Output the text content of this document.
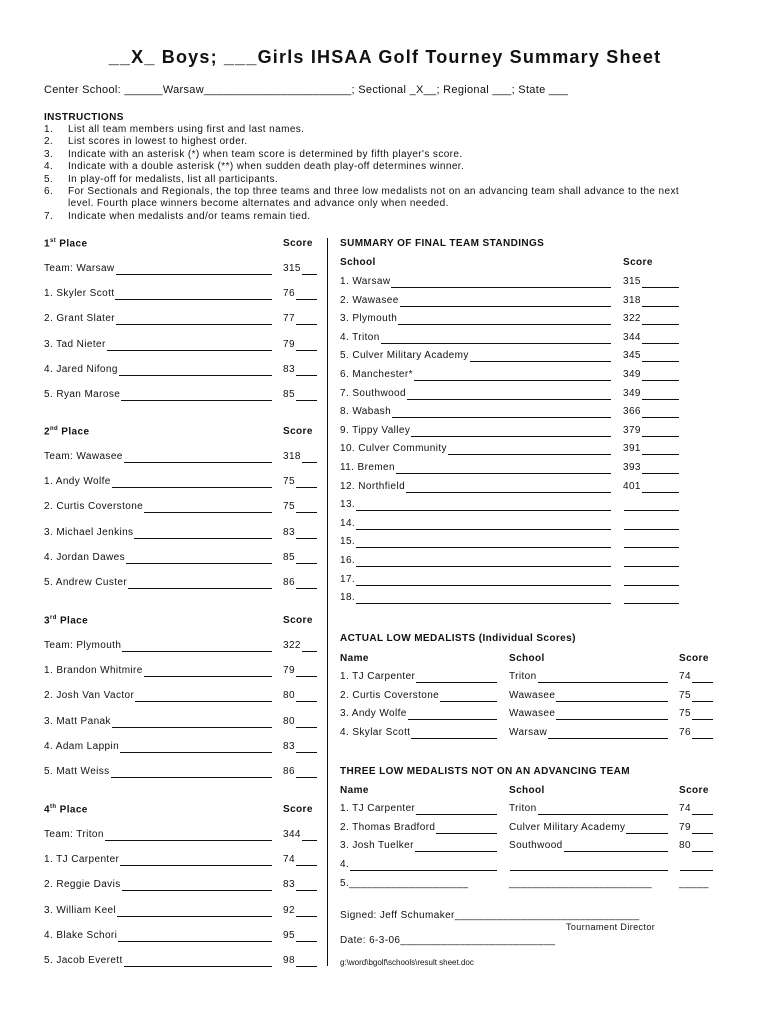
__X_ Boys; ___Girls IHSAA Golf Tourney Summary Sheet
Center School: ______Warsaw_______________________; Sectional _X__; Regional ___; State ___
INSTRUCTIONS
1. List all team members using first and last names.
2. List scores in lowest to highest order.
3. Indicate with an asterisk (*) when team score is determined by fifth player's score.
4. Indicate with a double asterisk (**) when sudden death play-off determines winner.
5. In play-off for medalists, list all participants.
6. For Sectionals and Regionals, the top three teams and three low medalists not on an advancing team shall advance to the next
level. Fourth place winners become alternates and advance only when needed.
7. Indicate when medalists and/or teams remain tied.
1st Place	Score
Team: Warsaw	315
1. Skyler Scott	76
2. Grant Slater	77
3. Tad Nieter	79
4. Jared Nifong	83
5. Ryan Marose	85
2nd Place	Score
Team: Wawasee	318
1. Andy Wolfe	75
2. Curtis Coverstone	75
3. Michael Jenkins	83
4. Jordan Dawes	85
5. Andrew Custer	86
3rd Place	Score
Team: Plymouth	322
1. Brandon Whitmire	79
2. Josh Van Vactor	80
3. Matt Panak	80
4. Adam Lappin	83
5. Matt Weiss	86
4th Place	Score
Team: Triton	344
1. TJ Carpenter	74
2. Reggie Davis	83
3. William Keel	92
4. Blake Schori	95
5. Jacob Everett	98
SUMMARY OF FINAL TEAM STANDINGS
School	Score
1. Warsaw	315
2. Wawasee	318
3. Plymouth	322
4. Triton	344
5. Culver Military Academy	345
6. Manchester*	349
7. Southwood	349
8. Wabash	366
9. Tippy Valley	379
10. Culver Community	391
11. Bremen	393
12. Northfield	401
13.
14.
15.
16.
17.
18.
ACTUAL LOW MEDALISTS (Individual Scores)
Name	School	Score
1. TJ Carpenter	Triton	74
2. Curtis Coverstone	Wawasee	75
3. Andy Wolfe	Wawasee	75
4. Skylar Scott	Warsaw	76
THREE LOW MEDALISTS NOT ON AN ADVANCING TEAM
Name	School	Score
1. TJ Carpenter	Triton	74
2. Thomas Bradford	Culver Military Academy	79
3. Josh Tuelker	Southwood	80
4.
5.____________________	________________________	_____
Signed: Jeff Schumaker_______________________________
Tournament Director
Date: 6-3-06__________________________
g:\word\bgolf\schools\result sheet.doc
